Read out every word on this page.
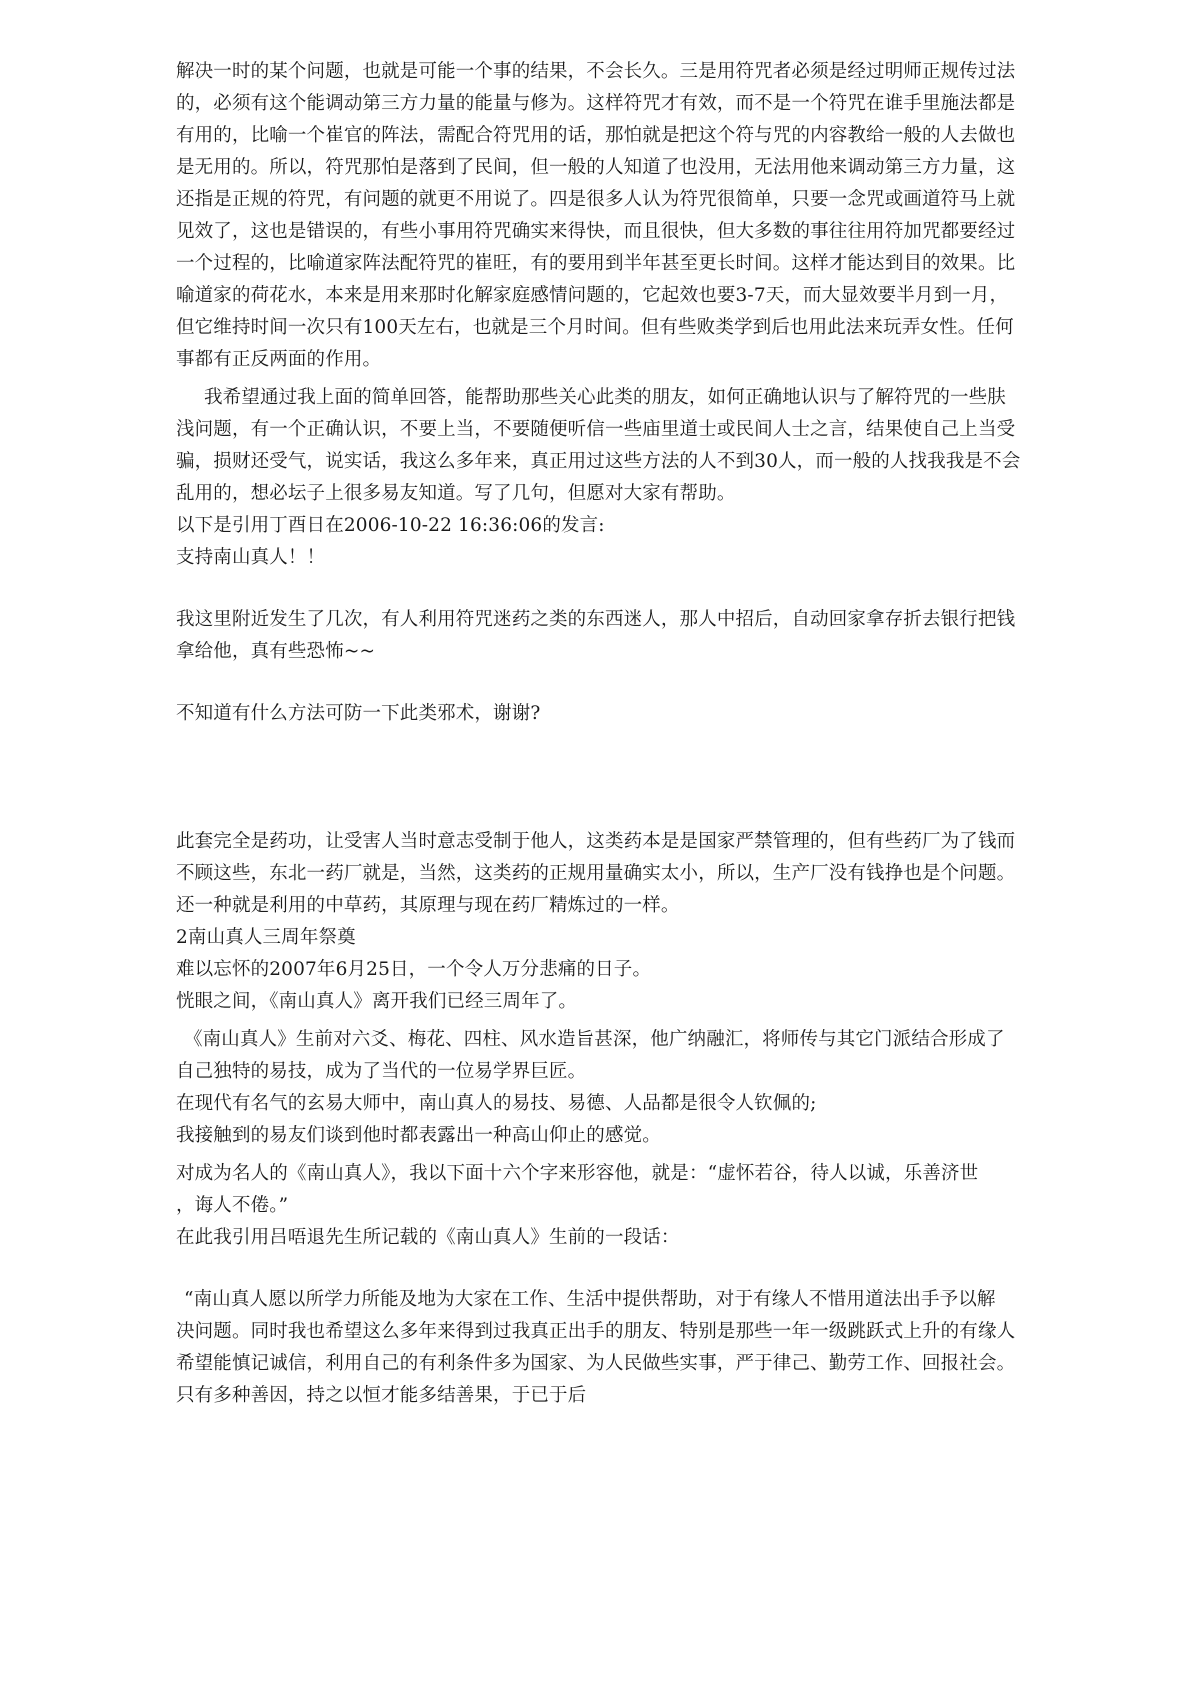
解决一时的某个问题，也就是可能一个事的结果，不会长久。三是用符咒者必须是经过明师正规传过法
的，必须有这个能调动第三方力量的能量与修为。这样符咒才有效，而不是一个符咒在谁手里施法都是
有用的，比喻一个崔官的阵法，需配合符咒用的话，那怕就是把这个符与咒的内容教给一般的人去做也
是无用的。所以，符咒那怕是落到了民间，但一般的人知道了也没用，无法用他来调动第三方力量，这
还指是正规的符咒，有问题的就更不用说了。四是很多人认为符咒很简单，只要一念咒或画道符马上就
见效了，这也是错误的，有些小事用符咒确实来得快，而且很快，但大多数的事往往用符加咒都要经过
一个过程的，比喻道家阵法配符咒的崔旺，有的要用到半年甚至更长时间。这样才能达到目的效果。比
喻道家的荷花水，本来是用来那时化解家庭感情问题的，它起效也要3-7天，而大显效要半月到一月，
但它维持时间一次只有100天左右，也就是三个月时间。但有些败类学到后也用此法来玩弄女性。任何
事都有正反两面的作用。
我希望通过我上面的简单回答，能帮助那些关心此类的朋友，如何正确地认识与了解符咒的一些肤
浅问题，有一个正确认识，不要上当，不要随便听信一些庙里道士或民间人士之言，结果使自己上当受
骗，损财还受气，说实话，我这么多年来，真正用过这些方法的人不到30人，而一般的人找我我是不会
乱用的，想必坛子上很多易友知道。写了几句，但愿对大家有帮助。
以下是引用丁酉日在2006-10-22 16:36:06的发言:
支持南山真人！！
我这里附近发生了几次，有人利用符咒迷药之类的东西迷人，那人中招后，自动回家拿存折去银行把钱
拿给他，真有些恐怖~~
不知道有什么方法可防一下此类邪术，谢谢?
此套完全是药功，让受害人当时意志受制于他人，这类药本是是国家严禁管理的，但有些药厂为了钱而
不顾这些，东北一药厂就是，当然，这类药的正规用量确实太小，所以，生产厂没有钱挣也是个问题。
还一种就是利用的中草药，其原理与现在药厂精炼过的一样。
2南山真人三周年祭奠
难以忘怀的2007年6月25日，一个令人万分悲痛的日子。
恍眼之间，《南山真人》离开我们已经三周年了。
《南山真人》生前对六爻、梅花、四柱、风水造旨甚深，他广纳融汇，将师传与其它门派结合形成了
自己独特的易技，成为了当代的一位易学界巨匠。
在现代有名气的玄易大师中，南山真人的易技、易德、人品都是很令人钦佩的;
我接触到的易友们谈到他时都表露出一种高山仰止的感觉。
对成为名人的《南山真人》，我以下面十六个字来形容他，就是：“虚怀若谷，待人以诚，乐善济世
，诲人不倦。”
在此我引用吕唔退先生所记载的《南山真人》生前的一段话：
“南山真人愿以所学力所能及地为大家在工作、生活中提供帮助，对于有缘人不惜用道法出手予以解
决问题。同时我也希望这么多年来得到过我真正出手的朋友、特别是那些一年一级跳跃式上升的有缘人
希望能慎记诚信，利用自己的有利条件多为国家、为人民做些实事，严于律己、勤劳工作、回报社会。
只有多种善因，持之以恒才能多结善果，于已于后
